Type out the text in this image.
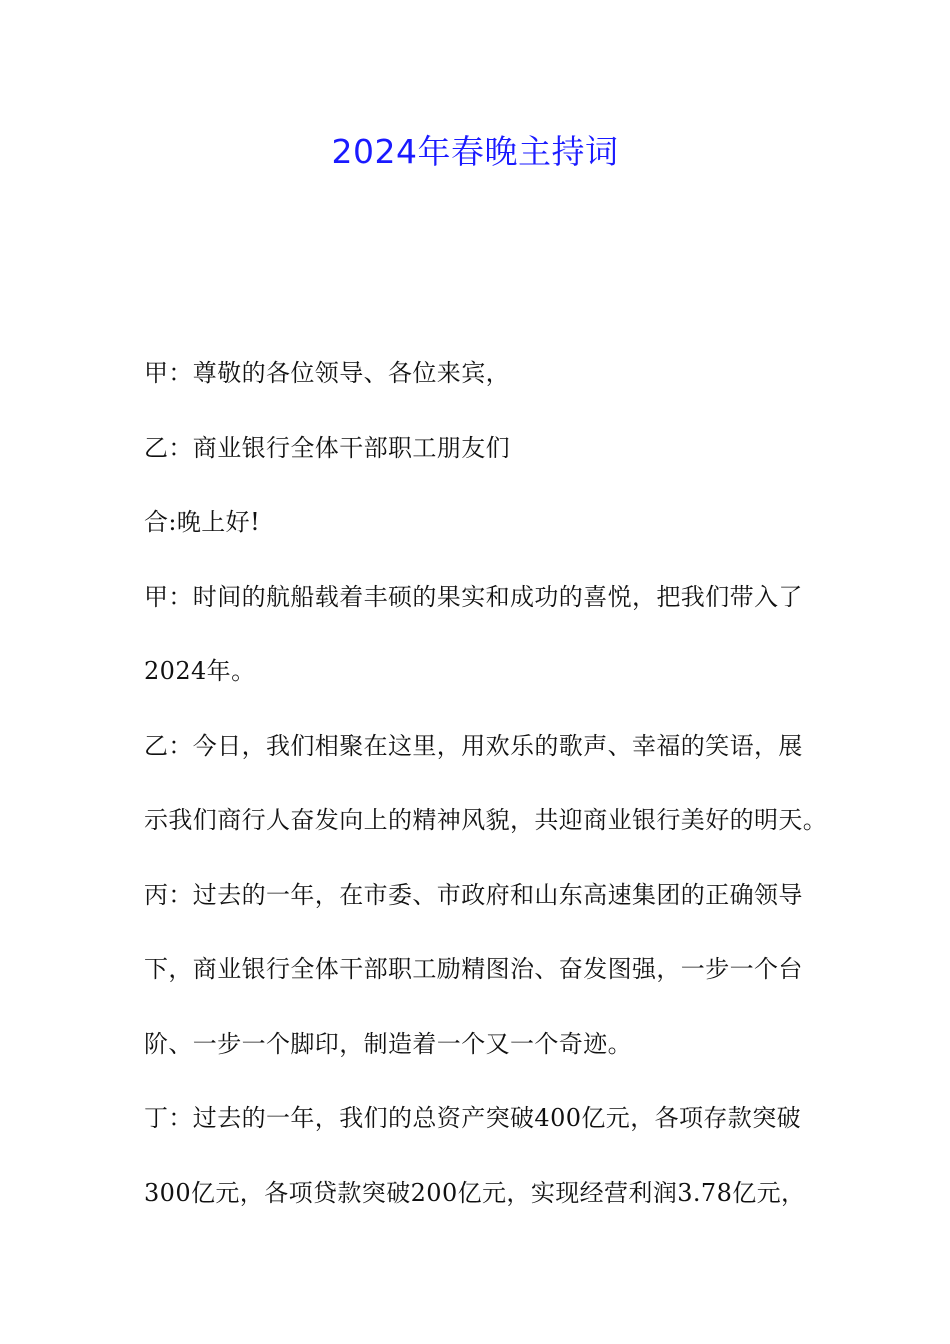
2024年春晚主持词
甲：尊敬的各位领导、各位来宾，
乙：商业银行全体干部职工朋友们
合:晚上好!
甲：时间的航船载着丰硕的果实和成功的喜悦，把我们带入了
2024年。
乙：今日，我们相聚在这里，用欢乐的歌声、幸福的笑语，展
示我们商行人奋发向上的精神风貌，共迎商业银行美好的明天。
丙：过去的一年，在市委、市政府和山东高速集团的正确领导
下，商业银行全体干部职工励精图治、奋发图强，一步一个台
阶、一步一个脚印，制造着一个又一个奇迹。
丁：过去的一年，我们的总资产突破400亿元，各项存款突破
300亿元，各项贷款突破200亿元，实现经营利润3.78亿元，
